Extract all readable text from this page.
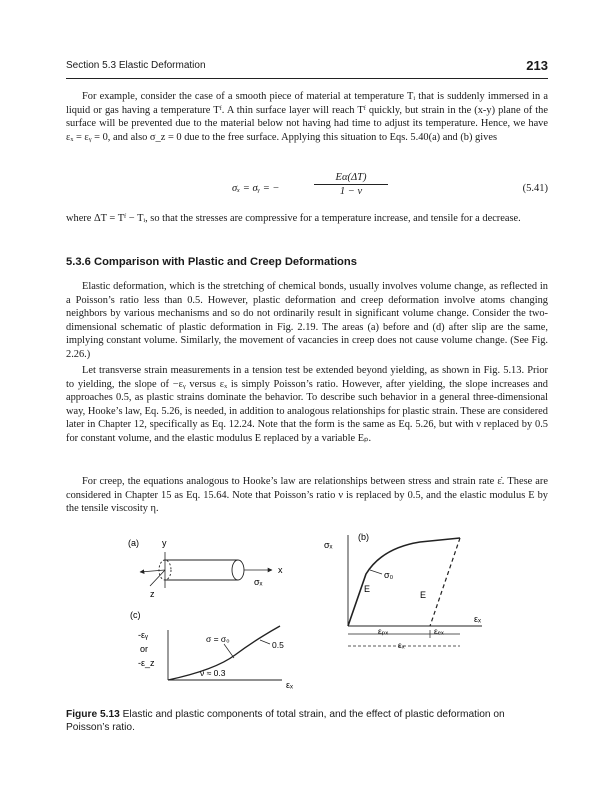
Section 5.3 Elastic Deformation	213

For example, consider the case of a smooth piece of material at temperature Tᵢ that is suddenly immersed in a liquid or gas having a temperature Tᶠ. A thin surface layer will reach Tᶠ quickly, but strain in the (x-y) plane of the surface will be prevented due to the material below not having had time to adjust its temperature. Hence, we have εₓ = εᵧ = 0, and also σ_z = 0 due to the free surface. Applying this situation to Eqs. 5.40(a) and (b) gives

σₓ = σᵧ = −	$\frac{E\alpha(\Delta T)}{1 - \nu}$	(5.41)

where ΔT = Tᶠ − Tᵢ, so that the stresses are compressive for a temperature increase, and tensile for a decrease.

5.3.6 Comparison with Plastic and Creep Deformations

Elastic deformation, which is the stretching of chemical bonds, usually involves volume change, as reflected in a Poisson’s ratio less than 0.5. However, plastic deformation and creep deformation involve atoms changing neighbors by various mechanisms and so do not ordinarily result in significant volume change. Consider the two-dimensional schematic of plastic deformation in Fig. 2.19. The areas (a) before and (d) after slip are the same, implying constant volume. Similarly, the movement of vacancies in creep does not cause volume change. (See Fig. 2.26.)

Let transverse strain measurements in a tension test be extended beyond yielding, as shown in Fig. 5.13. Prior to yielding, the slope of −εᵧ versus εₓ is simply Poisson’s ratio. However, after yielding, the slope increases and approaches 0.5, as plastic strains dominate the behavior. To describe such behavior in a general three-dimensional way, Hooke’s law, Eq. 5.26, is needed, in addition to analogous relationships for plastic strain. These are considered later in Chapter 12, specifically as Eq. 12.24. Note that the form is the same as Eq. 5.26, but with ν replaced by 0.5 for constant volume, and the elastic modulus E replaced by a variable Eₚ.

For creep, the equations analogous to Hooke’s law are relationships between stress and strain rate ε̇. These are considered in Chapter 15 as Eq. 15.64. Note that Poisson’s ratio ν is replaced by 0.5, and the elastic modulus E by the tensile viscosity η.

(a)	y
z
x
σₓ
(c)
-εᵧ
or
-ε_z
σ = σ₀
0.5
ν ≈ 0.3
εₓ
σₓ
(b)
E
E
σ₀
εₓ
εₚₓ	εₑₓ
εₓ
Figure 5.13 Elastic and plastic components of total strain, and the effect of plastic deformation on Poisson’s ratio.
